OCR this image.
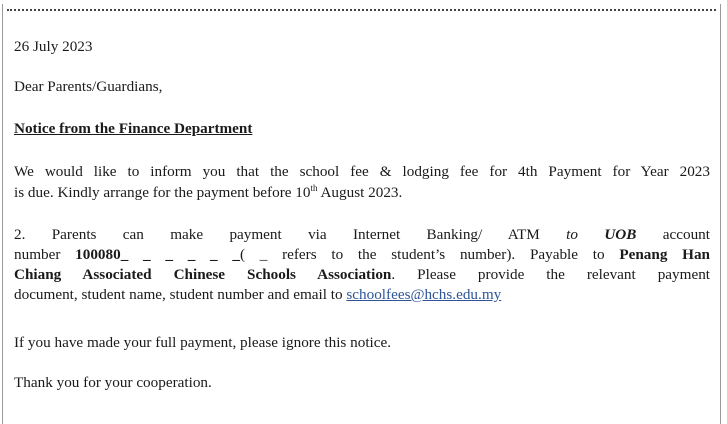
26 July 2023
Dear Parents/Guardians,
Notice from the Finance Department
We would like to inform you that the school fee & lodging fee for 4th Payment for Year 2023
is due. Kindly arrange for the payment before 10th August 2023.
2. Parents can make payment via Internet Banking/ ATM to UOB account
number 100080_ _ _ _ _ _( _ refers to the student’s number). Payable to Penang Han
Chiang Associated Chinese Schools Association. Please provide the relevant payment
document, student name, student number and email to schoolfees@hchs.edu.my
If you have made your full payment, please ignore this notice.
Thank you for your cooperation.
